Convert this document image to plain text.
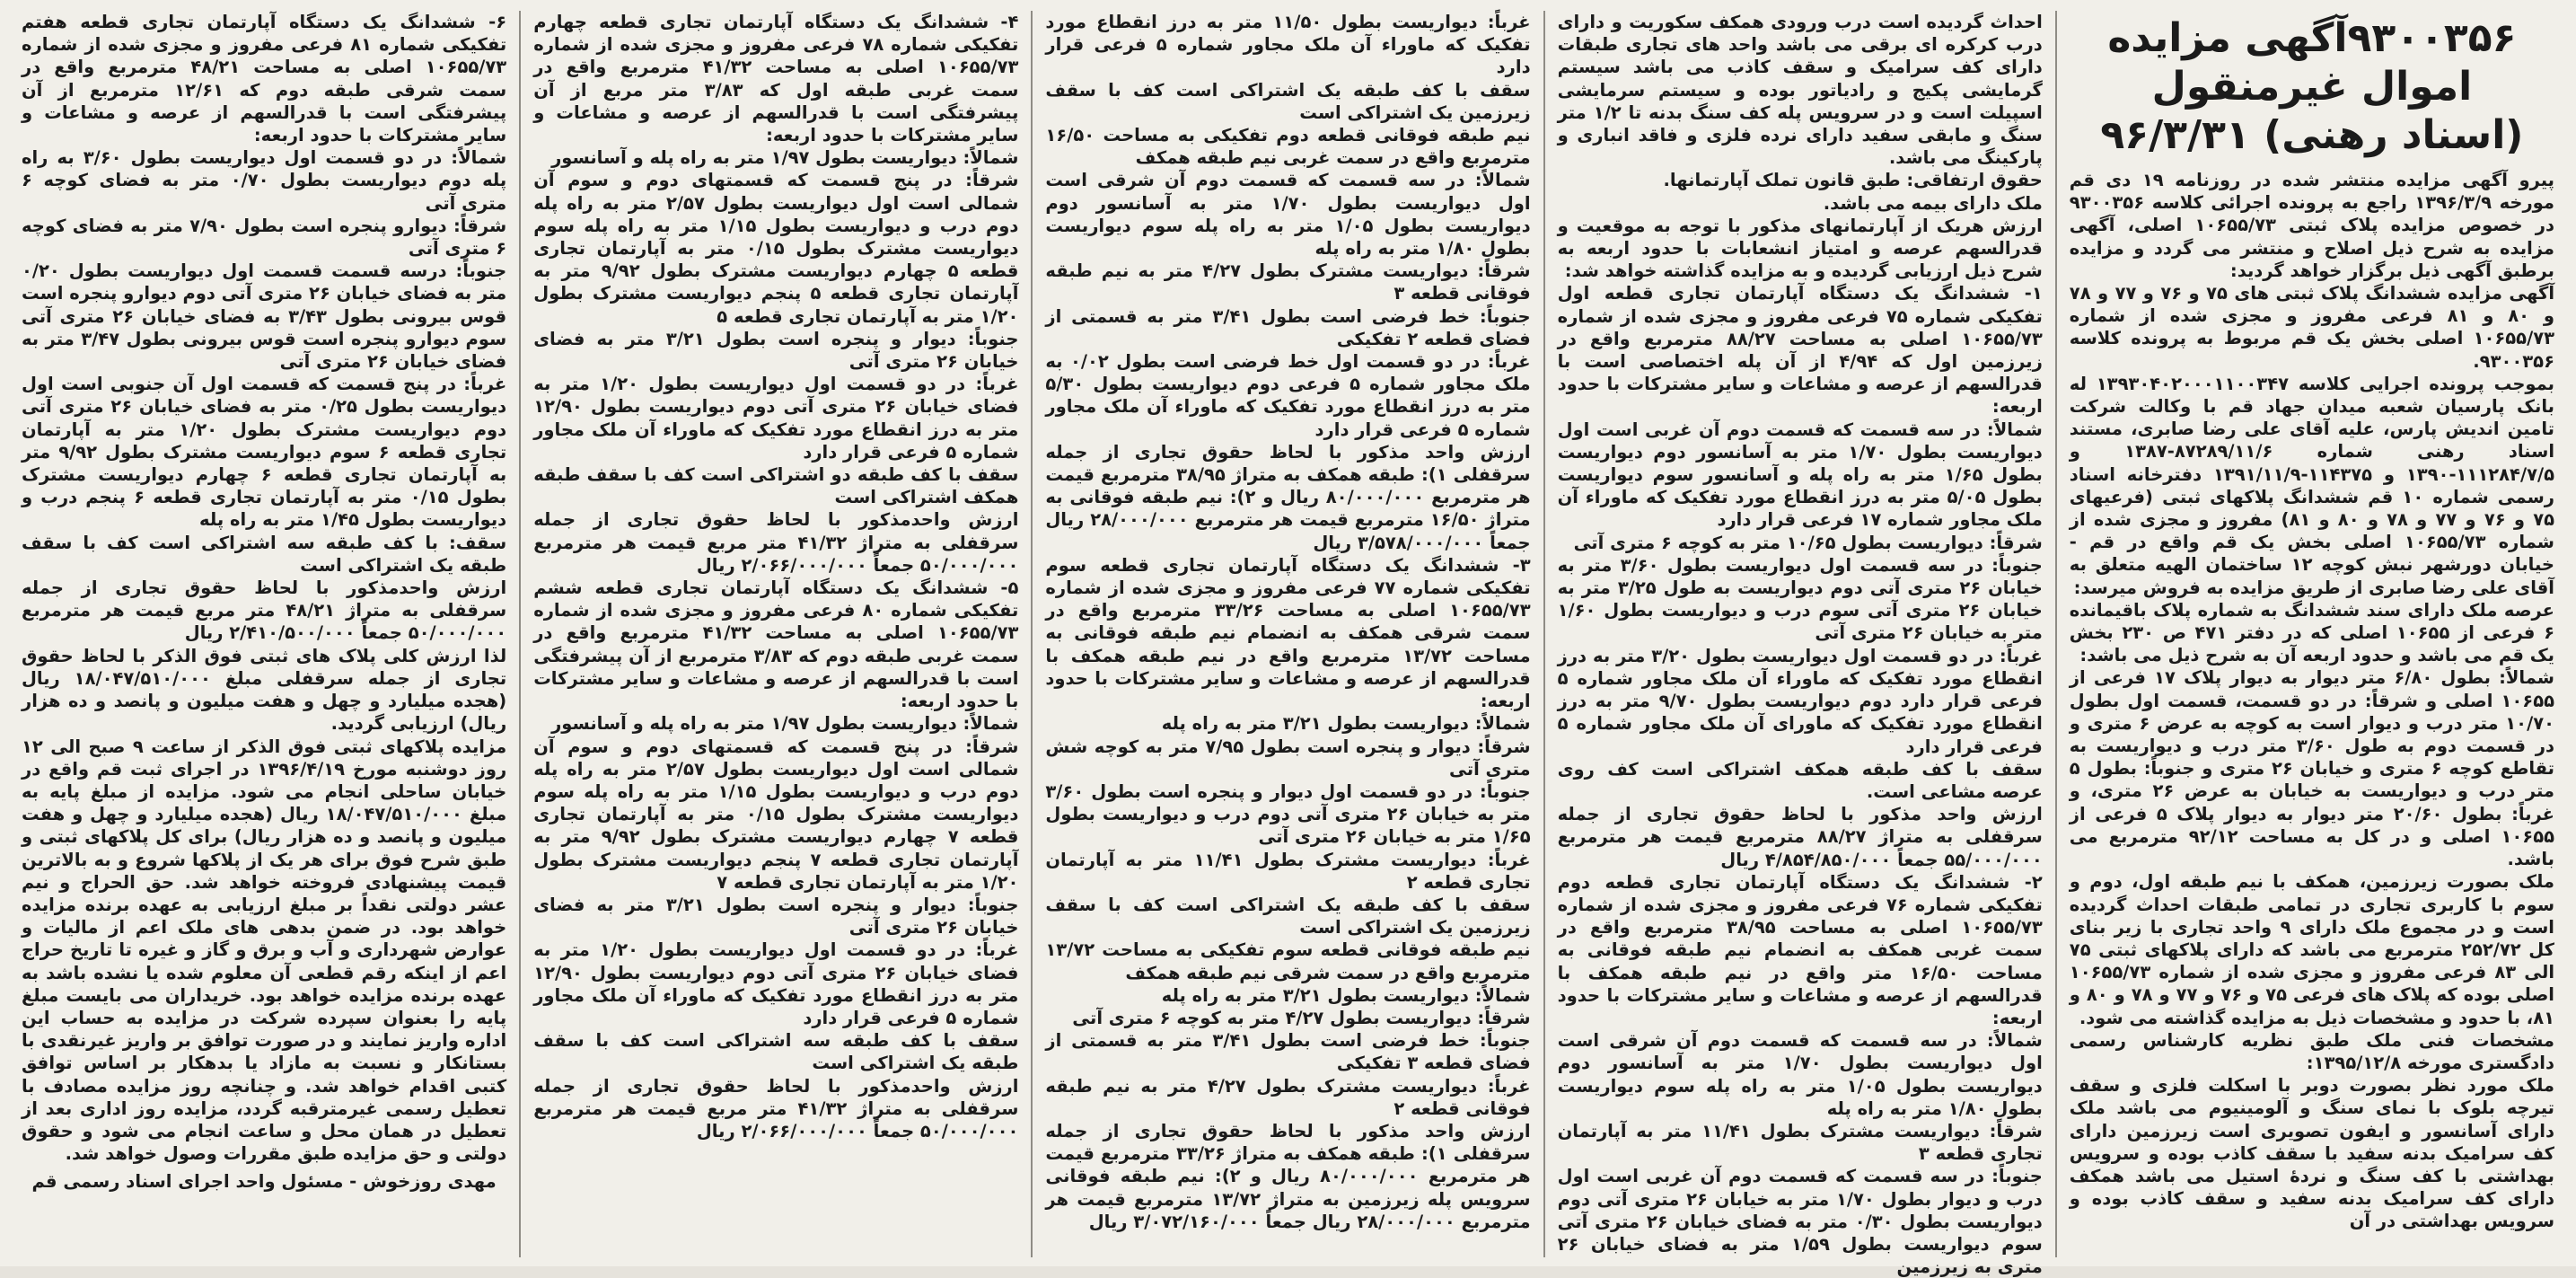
۹۳۰۰۳۵۶آگهی مزایده اموال غیرمنقول
(اسناد رهنی) ۹۶/۳/۳۱

پیرو آگهی مزایده منتشر شده در روزنامه ۱۹ دی قم مورخه ۱۳۹۶/۳/۹ راجع به پرونده اجرائی کلاسه ۹۳۰۰۳۵۶ در خصوص مزایده پلاک ثبتی ۱۰۶۵۵/۷۳ اصلی، آگهی مزایده به شرح ذیل اصلاح و منتشر می گردد و مزایده برطبق آگهی ذیل برگزار خواهد گردید:

آگهی مزایده ششدانگ پلاک ثبتی های ۷۵ و ۷۶ و ۷۷ و ۷۸ و ۸۰ و ۸۱ فرعی مفروز و مجزی شده از شماره ۱۰۶۵۵/۷۳ اصلی بخش یک قم مربوط به پرونده کلاسه ۹۳۰۰۳۵۶.

بموجب پرونده اجرایی کلاسه ۱۳۹۳۰۴۰۲۰۰۰۱۱۰۰۳۴۷ له بانک پارسیان شعبه میدان جهاد قم با وکالت شرکت تامین اندیش پارس، علیه آقای علی رضا صابری، مستند اسناد رهنی شماره ۸۷۲۸۹/۱۱/۶-۱۳۸۷ و ۱۱۱۲۸۴/۷/۵-۱۳۹۰ و ۱۱۴۳۷۵-۱۳۹۱/۱۱/۹ دفترخانه اسناد رسمی شماره ۱۰ قم ششدانگ پلاکهای ثبتی (فرعیهای ۷۵ و ۷۶ و ۷۷ و ۷۸ و ۸۰ و ۸۱) مفروز و مجزی شده از شماره ۱۰۶۵۵/۷۳ اصلی بخش یک قم واقع در قم - خیابان دورشهر نبش کوچه ۱۲ ساختمان الهیه متعلق به آقای علی رضا صابری از طریق مزایده به فروش میرسد:

عرصه ملک دارای سند ششدانگ به شماره پلاک باقیمانده ۶ فرعی از ۱۰۶۵۵ اصلی که در دفتر ۴۷۱ ص ۲۳۰ بخش یک قم می باشد و حدود اربعه آن به شرح ذیل می باشد:

شمالاً: بطول ۶/۸۰ متر دیوار به دیوار پلاک ۱۷ فرعی از ۱۰۶۵۵ اصلی و شرقاً: در دو قسمت، قسمت اول بطول ۱۰/۷۰ متر درب و دیوار است به کوچه به عرض ۶ متری و در قسمت دوم به طول ۳/۶۰ متر درب و دیواریست به تقاطع کوچه ۶ متری و خیابان ۲۶ متری و جنوباً: بطول ۵ متر درب و دیواریست به خیابان به عرض ۲۶ متری، و غرباً: بطول ۲۰/۶۰ متر دیوار به دیوار پلاک ۵ فرعی از ۱۰۶۵۵ اصلی و در کل به مساحت ۹۲/۱۲ مترمربع می باشد.

ملک بصورت زیرزمین، همکف با نیم طبقه اول، دوم و سوم با کاربری تجاری در تمامی طبقات احداث گردیده است و در مجموع ملک دارای ۹ واحد تجاری با زیر بنای کل ۲۵۲/۷۲ مترمربع می باشد که دارای پلاکهای ثبتی ۷۵ الی ۸۳ فرعی مفروز و مجزی شده از شماره ۱۰۶۵۵/۷۳ اصلی بوده که پلاک های فرعی ۷۵ و ۷۶ و ۷۷ و ۷۸ و ۸۰ و ۸۱، با حدود و مشخصات ذیل به مزایده گذاشته می شود.

مشخصات فنی ملک طبق نظریه کارشناس رسمی دادگستری مورخه ۱۳۹۵/۱۲/۸:

ملک مورد نظر بصورت دوبر با اسکلت فلزی و سقف تیرچه بلوک با نمای سنگ و آلومینیوم می باشد ملک دارای آسانسور و ایفون تصویری است زیرزمین دارای کف سرامیک بدنه سفید با سقف کاذب بوده و سرویس بهداشتی با کف سنگ و نردهٔ استیل می باشد همکف دارای کف سرامیک بدنه سفید و سقف کاذب بوده و سرویس بهداشتی در آن

احداث گردیده است درب ورودی همکف سکوریت و دارای درب کرکره ای برقی می باشد واحد های تجاری طبقات دارای کف سرامیک و سقف کاذب می باشد سیستم گرمایشی پکیج و رادیاتور بوده و سیستم سرمایشی اسپیلت است و در سرویس پله کف سنگ بدنه تا ۱/۲ متر سنگ و مابقی سفید دارای نرده فلزی و فاقد انباری و پارکینگ می باشد.

حقوق ارتفاقی: طبق قانون تملک آپارتمانها.

ملک دارای بیمه می باشد.

ارزش هریک از آپارتمانهای مذکور با توجه به موقعیت و قدرالسهم عرصه و امتیاز انشعابات با حدود اربعه به شرح ذیل ارزیابی گردیده و به مزایده گذاشته خواهد شد:

۱- ششدانگ یک دستگاه آپارتمان تجاری قطعه اول تفکیکی شماره ۷۵ فرعی مفروز و مجزی شده از شماره ۱۰۶۵۵/۷۳ اصلی به مساحت ۸۸/۲۷ مترمربع واقع در زیرزمین اول که ۴/۹۴ از آن پله اختصاصی است با قدرالسهم از عرصه و مشاعات و سایر مشترکات با حدود اربعه:

شمالاً: در سه قسمت که قسمت دوم آن غربی است اول دیواریست بطول ۱/۷۰ متر به آسانسور دوم دیواریست بطول ۱/۶۵ متر به راه پله و آسانسور سوم دیواریست بطول ۵/۰۵ متر به درز انقطاع مورد تفکیک که ماوراء آن ملک مجاور شماره ۱۷ فرعی قرار دارد

شرقاً: دیواریست بطول ۱۰/۶۵ متر به کوچه ۶ متری آتی

جنوباً: در سه قسمت اول دیواریست بطول ۳/۶۰ متر به خیابان ۲۶ متری آتی دوم دیواریست به طول ۳/۲۵ متر به خیابان ۲۶ متری آتی سوم درب و دیواریست بطول ۱/۶۰ متر به خیابان ۲۶ متری آتی

غرباً: در دو قسمت اول دیواریست بطول ۳/۲۰ متر به درز انقطاع مورد تفکیک که ماوراء آن ملک مجاور شماره ۵ فرعی قرار دارد دوم دیواریست بطول ۹/۷۰ متر به درز انقطاع مورد تفکیک که ماورای آن ملک مجاور شماره ۵ فرعی قرار دارد

سقف با کف طبقه همکف اشتراکی است کف روی عرصه مشاعی است.

ارزش واحد مذکور با لحاظ حقوق تجاری از جمله سرقفلی به متراژ ۸۸/۲۷ مترمربع قیمت هر مترمربع ۵۵/۰۰۰/۰۰۰ جمعاً ۴/۸۵۴/۸۵۰/۰۰۰ ریال

۲- ششدانگ یک دستگاه آپارتمان تجاری قطعه دوم تفکیکی شماره ۷۶ فرعی مفروز و مجزی شده از شماره ۱۰۶۵۵/۷۳ اصلی به مساحت ۳۸/۹۵ مترمربع واقع در سمت غربی همکف به انضمام نیم طبقه فوقانی به مساحت ۱۶/۵۰ متر واقع در نیم طبقه همکف با قدرالسهم از عرصه و مشاعات و سایر مشترکات با حدود اربعه:

شمالاً: در سه قسمت که قسمت دوم آن شرقی است اول دیواریست بطول ۱/۷۰ متر به آسانسور دوم دیواریست بطول ۱/۰۵ متر به راه پله سوم دیواریست بطول ۱/۸۰ متر به راه پله

شرقاً: دیواریست مشترک بطول ۱۱/۴۱ متر به آپارتمان تجاری قطعه ۳

جنوباً: در سه قسمت که قسمت دوم آن غربی است اول درب و دیوار بطول ۱/۷۰ متر به خیابان ۲۶ متری آتی دوم دیواریست بطول ۰/۳۰ متر به فضای خیابان ۲۶ متری آتی سوم دیواریست بطول ۱/۵۹ متر به فضای خیابان ۲۶ متری به زیرزمین

غرباً: دیواریست بطول ۱۱/۵۰ متر به درز انقطاع مورد تفکیک که ماوراء آن ملک مجاور شماره ۵ فرعی قرار دارد

سقف با کف طبقه یک اشتراکی است کف با سقف زیرزمین یک اشتراکی است

نیم طبقه فوقانی قطعه دوم تفکیکی به مساحت ۱۶/۵۰ مترمربع واقع در سمت غربی نیم طبقه همکف

شمالاً: در سه قسمت که قسمت دوم آن شرقی است اول دیواریست بطول ۱/۷۰ متر به آسانسور دوم دیواریست بطول ۱/۰۵ متر به راه پله سوم دیواریست بطول ۱/۸۰ متر به راه پله

شرقاً: دیواریست مشترک بطول ۴/۲۷ متر به نیم طبقه فوقانی قطعه ۳

جنوباً: خط فرضی است بطول ۳/۴۱ متر به قسمتی از فضای قطعه ۲ تفکیکی

غرباً: در دو قسمت اول خط فرضی است بطول ۰/۰۲ به ملک مجاور شماره ۵ فرعی دوم دیواریست بطول ۵/۳۰ متر به درز انقطاع مورد تفکیک که ماوراء آن ملک مجاور شماره ۵ فرعی قرار دارد

ارزش واحد مذکور با لحاظ حقوق تجاری از جمله سرقفلی ۱): طبقه همکف به متراژ ۳۸/۹۵ مترمربع قیمت هر مترمربع ۸۰/۰۰۰/۰۰۰ ریال و ۲): نیم طبقه فوقانی به متراژ ۱۶/۵۰ مترمربع قیمت هر مترمربع ۲۸/۰۰۰/۰۰۰ ریال جمعاً ۳/۵۷۸/۰۰۰/۰۰۰ ریال

۳- ششدانگ یک دستگاه آپارتمان تجاری قطعه سوم تفکیکی شماره ۷۷ فرعی مفروز و مجزی شده از شماره ۱۰۶۵۵/۷۳ اصلی به مساحت ۳۳/۲۶ مترمربع واقع در سمت شرقی همکف به انضمام نیم طبقه فوقانی به مساحت ۱۳/۷۲ مترمربع واقع در نیم طبقه همکف با قدرالسهم از عرصه و مشاعات و سایر مشترکات با حدود اربعه:

شمالاً: دیواریست بطول ۳/۲۱ متر به راه پله

شرقاً: دیوار و پنجره است بطول ۷/۹۵ متر به کوچه شش متری آتی

جنوباً: در دو قسمت اول دیوار و پنجره است بطول ۳/۶۰ متر به خیابان ۲۶ متری آتی دوم درب و دیواریست بطول ۱/۶۵ متر به خیابان ۲۶ متری آتی

غرباً: دیواریست مشترک بطول ۱۱/۴۱ متر به آپارتمان تجاری قطعه ۲

سقف با کف طبقه یک اشتراکی است کف با سقف زیرزمین یک اشتراکی است

نیم طبقه فوقانی قطعه سوم تفکیکی به مساحت ۱۳/۷۲ مترمربع واقع در سمت شرقی نیم طبقه همکف

شمالاً: دیواریست بطول ۳/۲۱ متر به راه پله

شرقاً: دیواریست بطول ۴/۲۷ متر به کوچه ۶ متری آتی

جنوباً: خط فرضی است بطول ۳/۴۱ متر به قسمتی از فضای قطعه ۳ تفکیکی

غرباً: دیواریست مشترک بطول ۴/۲۷ متر به نیم طبقه فوقانی قطعه ۲

ارزش واحد مذکور با لحاظ حقوق تجاری از جمله سرقفلی ۱): طبقه همکف به متراژ ۳۳/۲۶ مترمربع قیمت هر مترمربع ۸۰/۰۰۰/۰۰۰ ریال و ۲): نیم طبقه فوقانی سرویس پله زیرزمین به متراژ ۱۳/۷۲ مترمربع قیمت هر مترمربع ۲۸/۰۰۰/۰۰۰ ریال جمعاً ۳/۰۷۲/۱۶۰/۰۰۰ ریال

۴- ششدانگ یک دستگاه آپارتمان تجاری قطعه چهارم تفکیکی شماره ۷۸ فرعی مفروز و مجزی شده از شماره ۱۰۶۵۵/۷۳ اصلی به مساحت ۴۱/۳۲ مترمربع واقع در سمت غربی طبقه اول که ۳/۸۳ متر مربع از آن پیشرفتگی است با قدرالسهم از عرصه و مشاعات و سایر مشترکات با حدود اربعه:

شمالاً: دیواریست بطول ۱/۹۷ متر به راه پله و آسانسور

شرقاً: در پنج قسمت که قسمتهای دوم و سوم آن شمالی است اول دیواریست بطول ۲/۵۷ متر به راه پله دوم درب و دیواریست بطول ۱/۱۵ متر به راه پله سوم دیواریست مشترک بطول ۰/۱۵ متر به آپارتمان تجاری قطعه ۵ چهارم دیواریست مشترک بطول ۹/۹۲ متر به آپارتمان تجاری قطعه ۵ پنجم دیواریست مشترک بطول ۱/۲۰ متر به آپارتمان تجاری قطعه ۵

جنوباً: دیوار و پنجره است بطول ۳/۲۱ متر به فضای خیابان ۲۶ متری آتی

غرباً: در دو قسمت اول دیواریست بطول ۱/۲۰ متر به فضای خیابان ۲۶ متری آتی دوم دیواریست بطول ۱۲/۹۰ متر به درز انقطاع مورد تفکیک که ماوراء آن ملک مجاور شماره ۵ فرعی قرار دارد

سقف با کف طبقه دو اشتراکی است کف با سقف طبقه همکف اشتراکی است

ارزش واحدمذکور با لحاظ حقوق تجاری از جمله سرقفلی به متراژ ۴۱/۳۲ متر مربع قیمت هر مترمربع ۵۰/۰۰۰/۰۰۰ جمعاً ۲/۰۶۶/۰۰۰/۰۰۰ ریال

۵- ششدانگ یک دستگاه آپارتمان تجاری قطعه ششم تفکیکی شماره ۸۰ فرعی مفروز و مجزی شده از شماره ۱۰۶۵۵/۷۳ اصلی به مساحت ۴۱/۳۲ مترمربع واقع در سمت غربی طبقه دوم که ۳/۸۳ مترمربع از آن پیشرفتگی است با قدرالسهم از عرصه و مشاعات و سایر مشترکات با حدود اربعه:

شمالاً: دیواریست بطول ۱/۹۷ متر به راه پله و آسانسور

شرقاً: در پنج قسمت که قسمتهای دوم و سوم آن شمالی است اول دیواریست بطول ۲/۵۷ متر به راه پله دوم درب و دیواریست بطول ۱/۱۵ متر به راه پله سوم دیواریست مشترک بطول ۰/۱۵ متر به آپارتمان تجاری قطعه ۷ چهارم دیواریست مشترک بطول ۹/۹۲ متر به آپارتمان تجاری قطعه ۷ پنجم دیواریست مشترک بطول ۱/۲۰ متر به آپارتمان تجاری قطعه ۷

جنوباً: دیوار و پنجره است بطول ۳/۲۱ متر به فضای خیابان ۲۶ متری آتی

غرباً: در دو قسمت اول دیواریست بطول ۱/۲۰ متر به فضای خیابان ۲۶ متری آتی دوم دیواریست بطول ۱۲/۹۰ متر به درز انقطاع مورد تفکیک که ماوراء آن ملک مجاور شماره ۵ فرعی قرار دارد

سقف با کف طبقه سه اشتراکی است کف با سقف طبقه یک اشتراکی است

ارزش واحدمذکور با لحاظ حقوق تجاری از جمله سرقفلی به متراژ ۴۱/۳۲ متر مربع قیمت هر مترمربع ۵۰/۰۰۰/۰۰۰ جمعاً ۲/۰۶۶/۰۰۰/۰۰۰ ریال

۶- ششدانگ یک دستگاه آپارتمان تجاری قطعه هفتم تفکیکی شماره ۸۱ فرعی مفروز و مجزی شده از شماره ۱۰۶۵۵/۷۳ اصلی به مساحت ۴۸/۲۱ مترمربع واقع در سمت شرقی طبقه دوم که ۱۲/۶۱ مترمربع از آن پیشرفتگی است با قدرالسهم از عرصه و مشاعات و سایر مشترکات با حدود اربعه:

شمالاً: در دو قسمت اول دیواریست بطول ۳/۶۰ به راه پله دوم دیواریست بطول ۰/۷۰ متر به فضای کوچه ۶ متری آتی

شرقاً: دیوارو پنجره است بطول ۷/۹۰ متر به فضای کوچه ۶ متری آتی

جنوباً: درسه قسمت قسمت اول دیواریست بطول ۰/۲۰ متر به فضای خیابان ۲۶ متری آتی دوم دیوارو پنجره است قوس بیرونی بطول ۳/۴۳ به فضای خیابان ۲۶ متری آتی سوم دیوارو پنجره است قوس بیرونی بطول ۳/۴۷ متر به فضای خیابان ۲۶ متری آتی

غرباً: در پنج قسمت که قسمت اول آن جنوبی است اول دیواریست بطول ۰/۲۵ متر به فضای خیابان ۲۶ متری آتی دوم دیواریست مشترک بطول ۱/۲۰ متر به آپارتمان تجاری قطعه ۶ سوم دیواریست مشترک بطول ۹/۹۲ متر به آپارتمان تجاری قطعه ۶ چهارم دیواریست مشترک بطول ۰/۱۵ متر به آپارتمان تجاری قطعه ۶ پنجم درب و دیواریست بطول ۱/۴۵ متر به راه پله

سقف: با کف طبقه سه اشتراکی است کف با سقف طبقه یک اشتراکی است

ارزش واحدمذکور با لحاظ حقوق تجاری از جمله سرقفلی به متراژ ۴۸/۲۱ متر مربع قیمت هر مترمربع ۵۰/۰۰۰/۰۰۰ جمعاً ۲/۴۱۰/۵۰۰/۰۰۰ ریال

لذا ارزش کلی پلاک های ثبتی فوق الذکر با لحاظ حقوق تجاری از جمله سرقفلی مبلغ ۱۸/۰۴۷/۵۱۰/۰۰۰ ریال (هجده میلیارد و چهل و هفت میلیون و پانصد و ده هزار ریال) ارزیابی گردید.

مزایده پلاکهای ثبتی فوق الذکر از ساعت ۹ صبح الی ۱۲ روز دوشنبه مورخ ۱۳۹۶/۴/۱۹ در اجرای ثبت قم واقع در خیابان ساحلی انجام می شود. مزایده از مبلغ پایه به مبلغ ۱۸/۰۴۷/۵۱۰/۰۰۰ ریال (هجده میلیارد و چهل و هفت میلیون و پانصد و ده هزار ریال) برای کل پلاکهای ثبتی و طبق شرح فوق برای هر یک از پلاکها شروع و به بالاترین قیمت پیشنهادی فروخته خواهد شد. حق الحراج و نیم عشر دولتی نقداً بر مبلغ ارزیابی به عهده برنده مزایده خواهد بود. در ضمن بدهی های ملک اعم از مالیات و عوارض شهرداری و آب و برق و گاز و غیره تا تاریخ حراج اعم از اینکه رقم قطعی آن معلوم شده یا نشده باشد به عهده برنده مزایده خواهد بود. خریداران می بایست مبلغ پایه را بعنوان سپرده شرکت در مزایده به حساب این اداره واریز نمایند و در صورت توافق بر واریز غیرنقدی با بستانکار و نسبت به مازاد یا بدهکار بر اساس توافق کتبی اقدام خواهد شد. و چنانچه روز مزایده مصادف با تعطیل رسمی غیرمترقبه گردد، مزایده روز اداری بعد از تعطیل در همان محل و ساعت انجام می شود و حقوق دولتی و حق مزایده طبق مقررات وصول خواهد شد.

مهدی روزخوش - مسئول واحد اجرای اسناد رسمی قم
